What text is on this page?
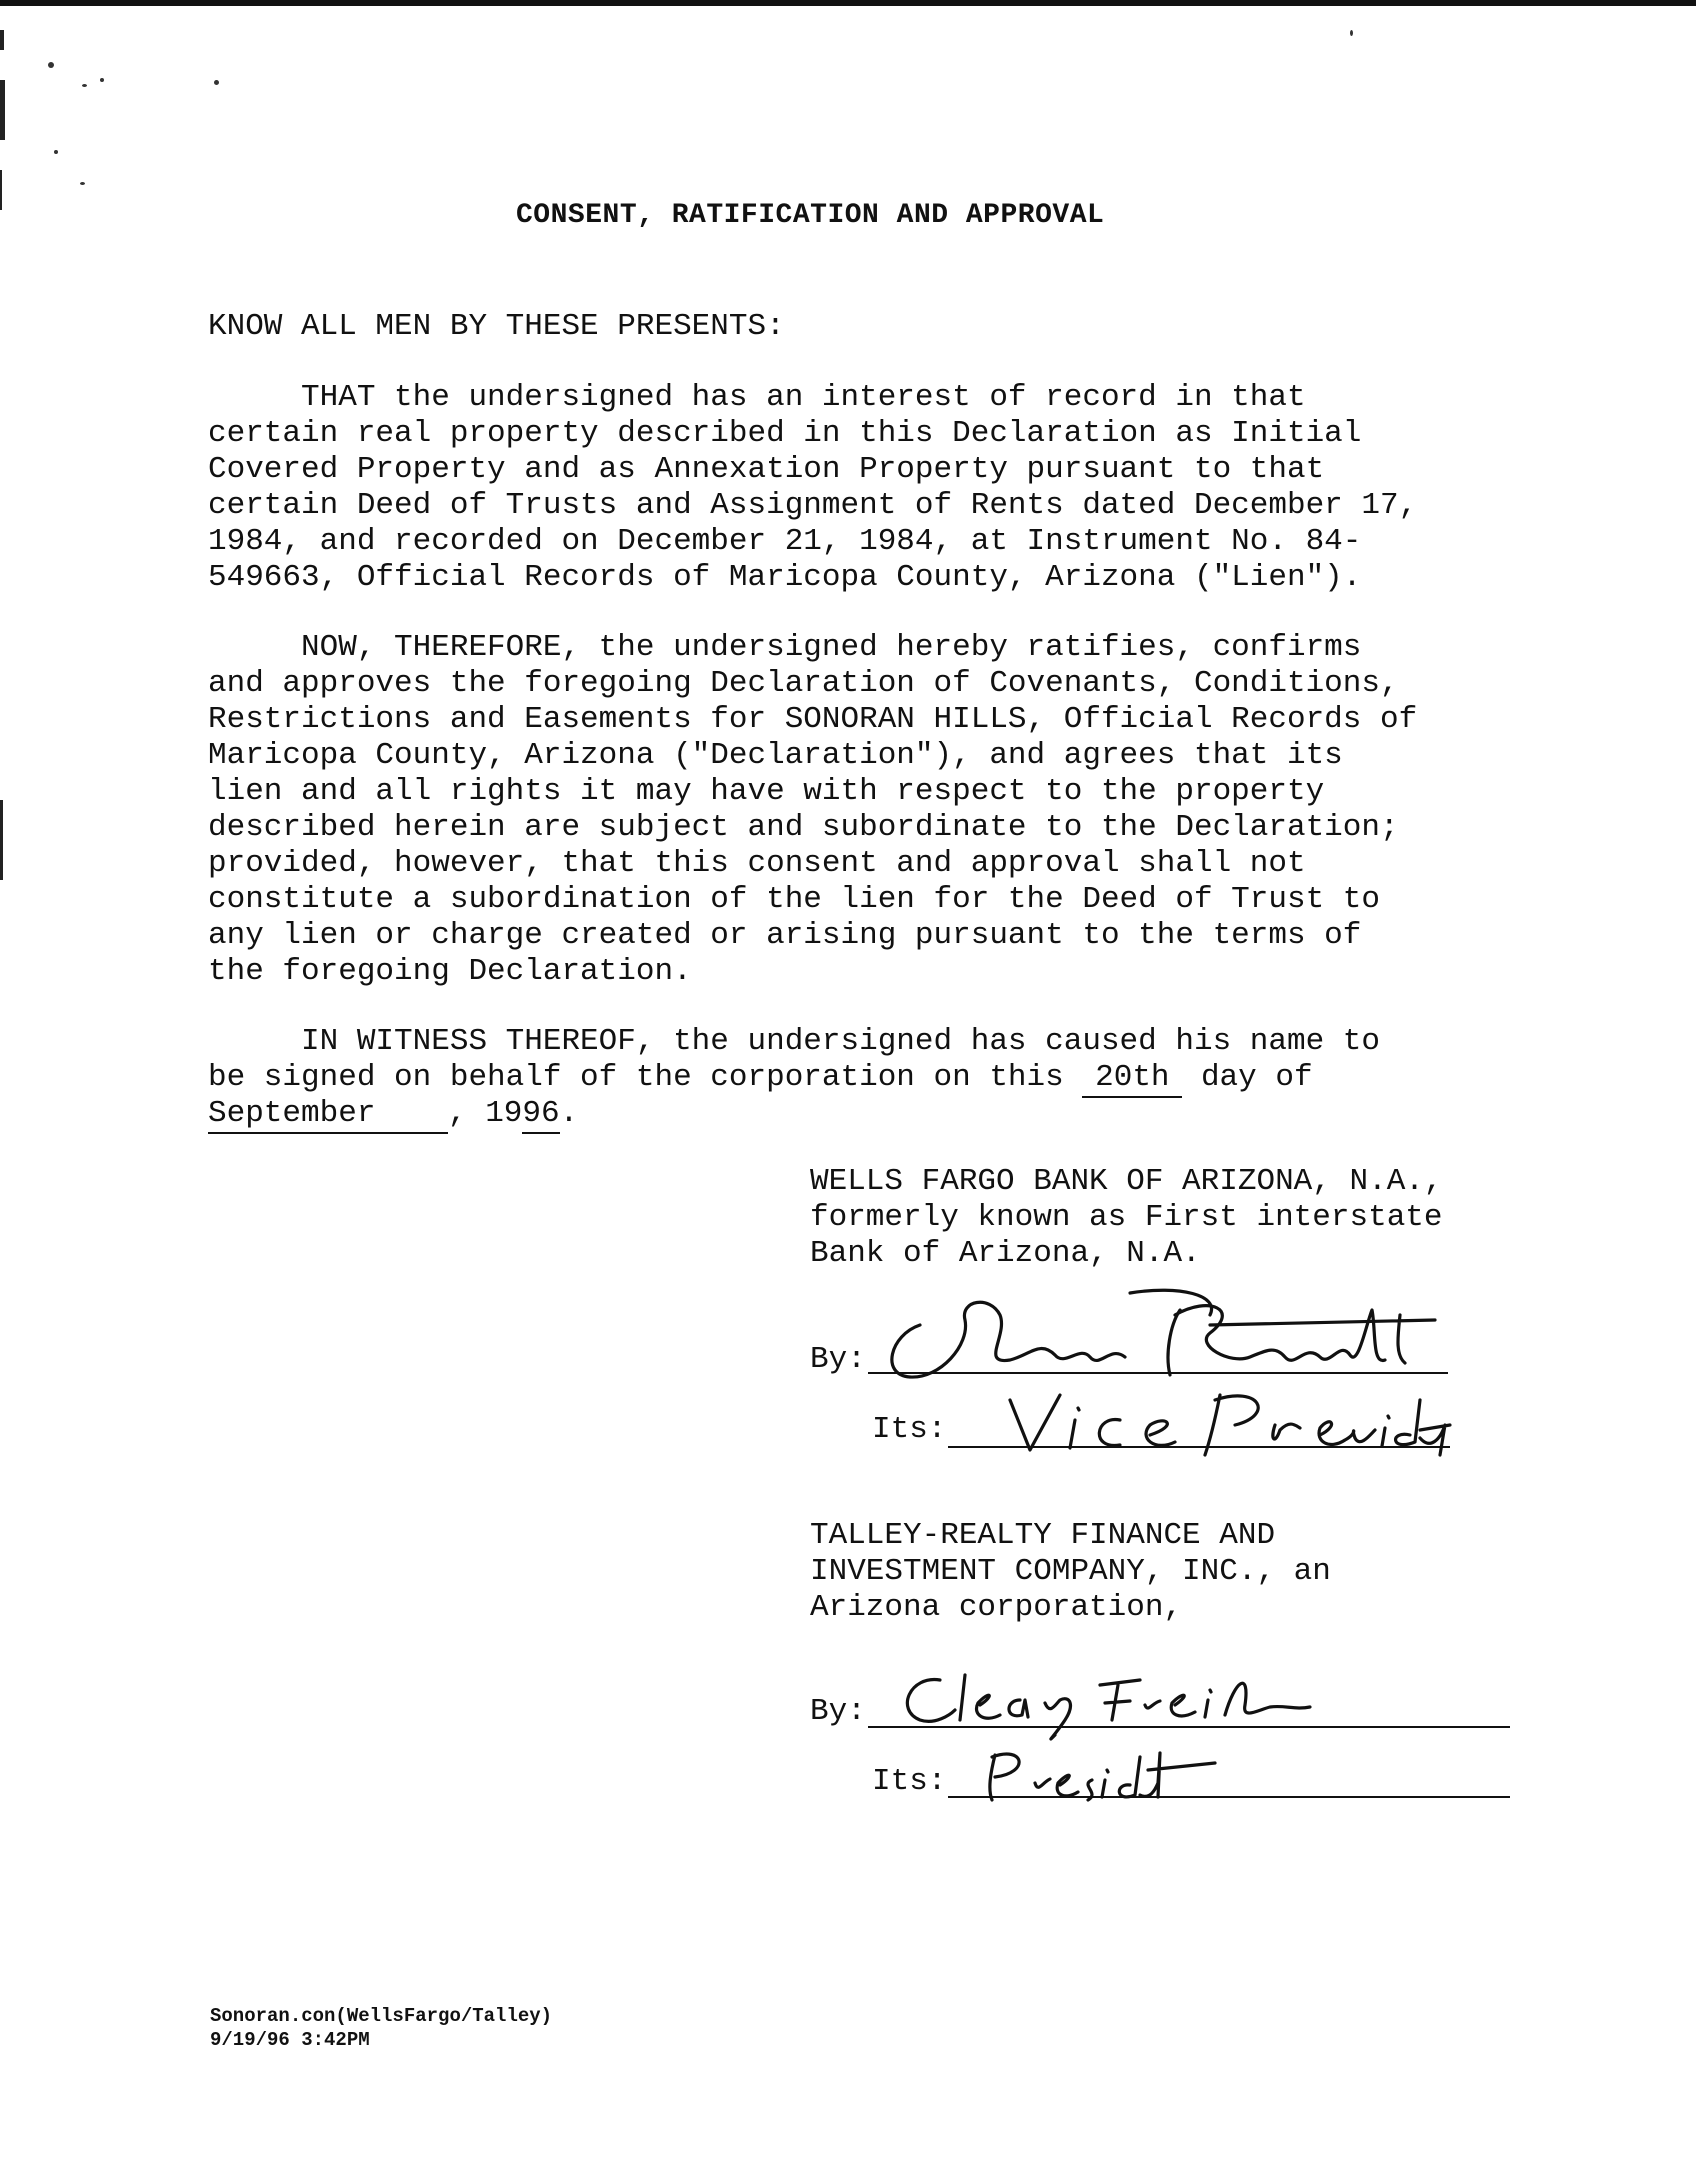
CONSENT, RATIFICATION AND APPROVAL
KNOW ALL MEN BY THESE PRESENTS:
THAT the undersigned has an interest of record in that
certain real property described in this Declaration as Initial
Covered Property and as Annexation Property pursuant to that
certain Deed of Trusts and Assignment of Rents dated December 17,
1984, and recorded on December 21, 1984, at Instrument No. 84-
549663, Official Records of Maricopa County, Arizona ("Lien").
NOW, THEREFORE, the undersigned hereby ratifies, confirms
and approves the foregoing Declaration of Covenants, Conditions,
Restrictions and Easements for SONORAN HILLS, Official Records of
Maricopa County, Arizona ("Declaration"), and agrees that its
lien and all rights it may have with respect to the property
described herein are subject and subordinate to the Declaration;
provided, however, that this consent and approval shall not
constitute a subordination of the lien for the Deed of Trust to
any lien or charge created or arising pursuant to the terms of
the foregoing Declaration.
IN WITNESS THEREOF, the undersigned has caused his name to
be signed on behalf of the corporation on this 20th day of
September , 1996.
WELLS FARGO BANK OF ARIZONA, N.A.,
formerly known as First interstate
Bank of Arizona, N.A.
By:
Its:
TALLEY-REALTY FINANCE AND
INVESTMENT COMPANY, INC., an
Arizona corporation,
By:
Its:
Sonoran.con(WellsFargo/Talley)
9/19/96 3:42PM
